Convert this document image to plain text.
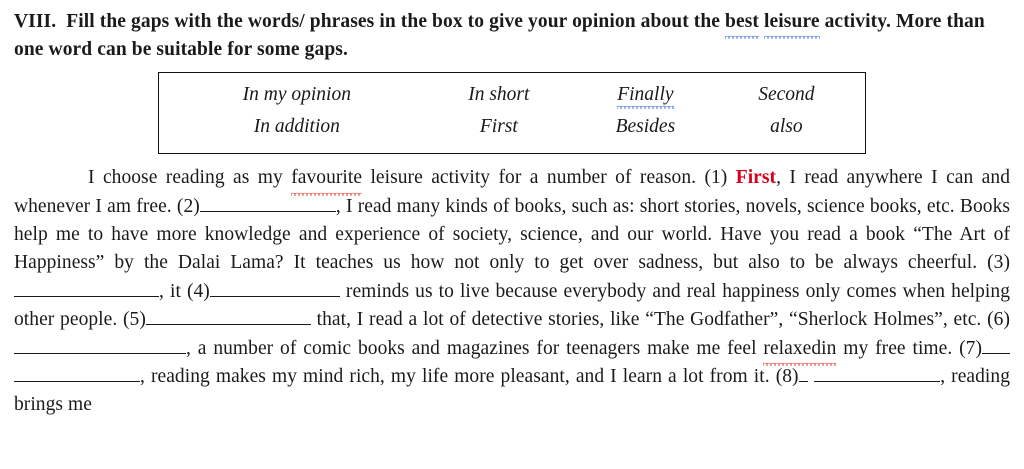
VIII. Fill the gaps with the words/ phrases in the box to give your opinion about the best leisure activity. More than one word can be suitable for some gaps.
In my opinion	In short	Finally	Second
In addition	First	Besides	also
I choose reading as my favourite leisure activity for a number of reason. (1) First, I read anywhere I can and whenever I am free. (2)	, I read many kinds of books, such as: short stories, novels, science books, etc. Books help me to have more knowledge and experience of society, science, and our world. Have you read a book “The Art of Happiness” by the Dalai Lama? It teaches us how not only to get over sadness, but also to be always cheerful. (3), it (4)	reminds us to live because everybody and real happiness only comes when helping other people. (5)	that, I read a lot of detective stories, like “The Godfather”, “Sherlock Holmes”, etc. (6), a number of comic books and magazines for teenagers make me feel relaxedin my free time. (7) , reading makes my mind rich, my life more pleasant, and I learn a lot from it. (8)	, reading brings me
